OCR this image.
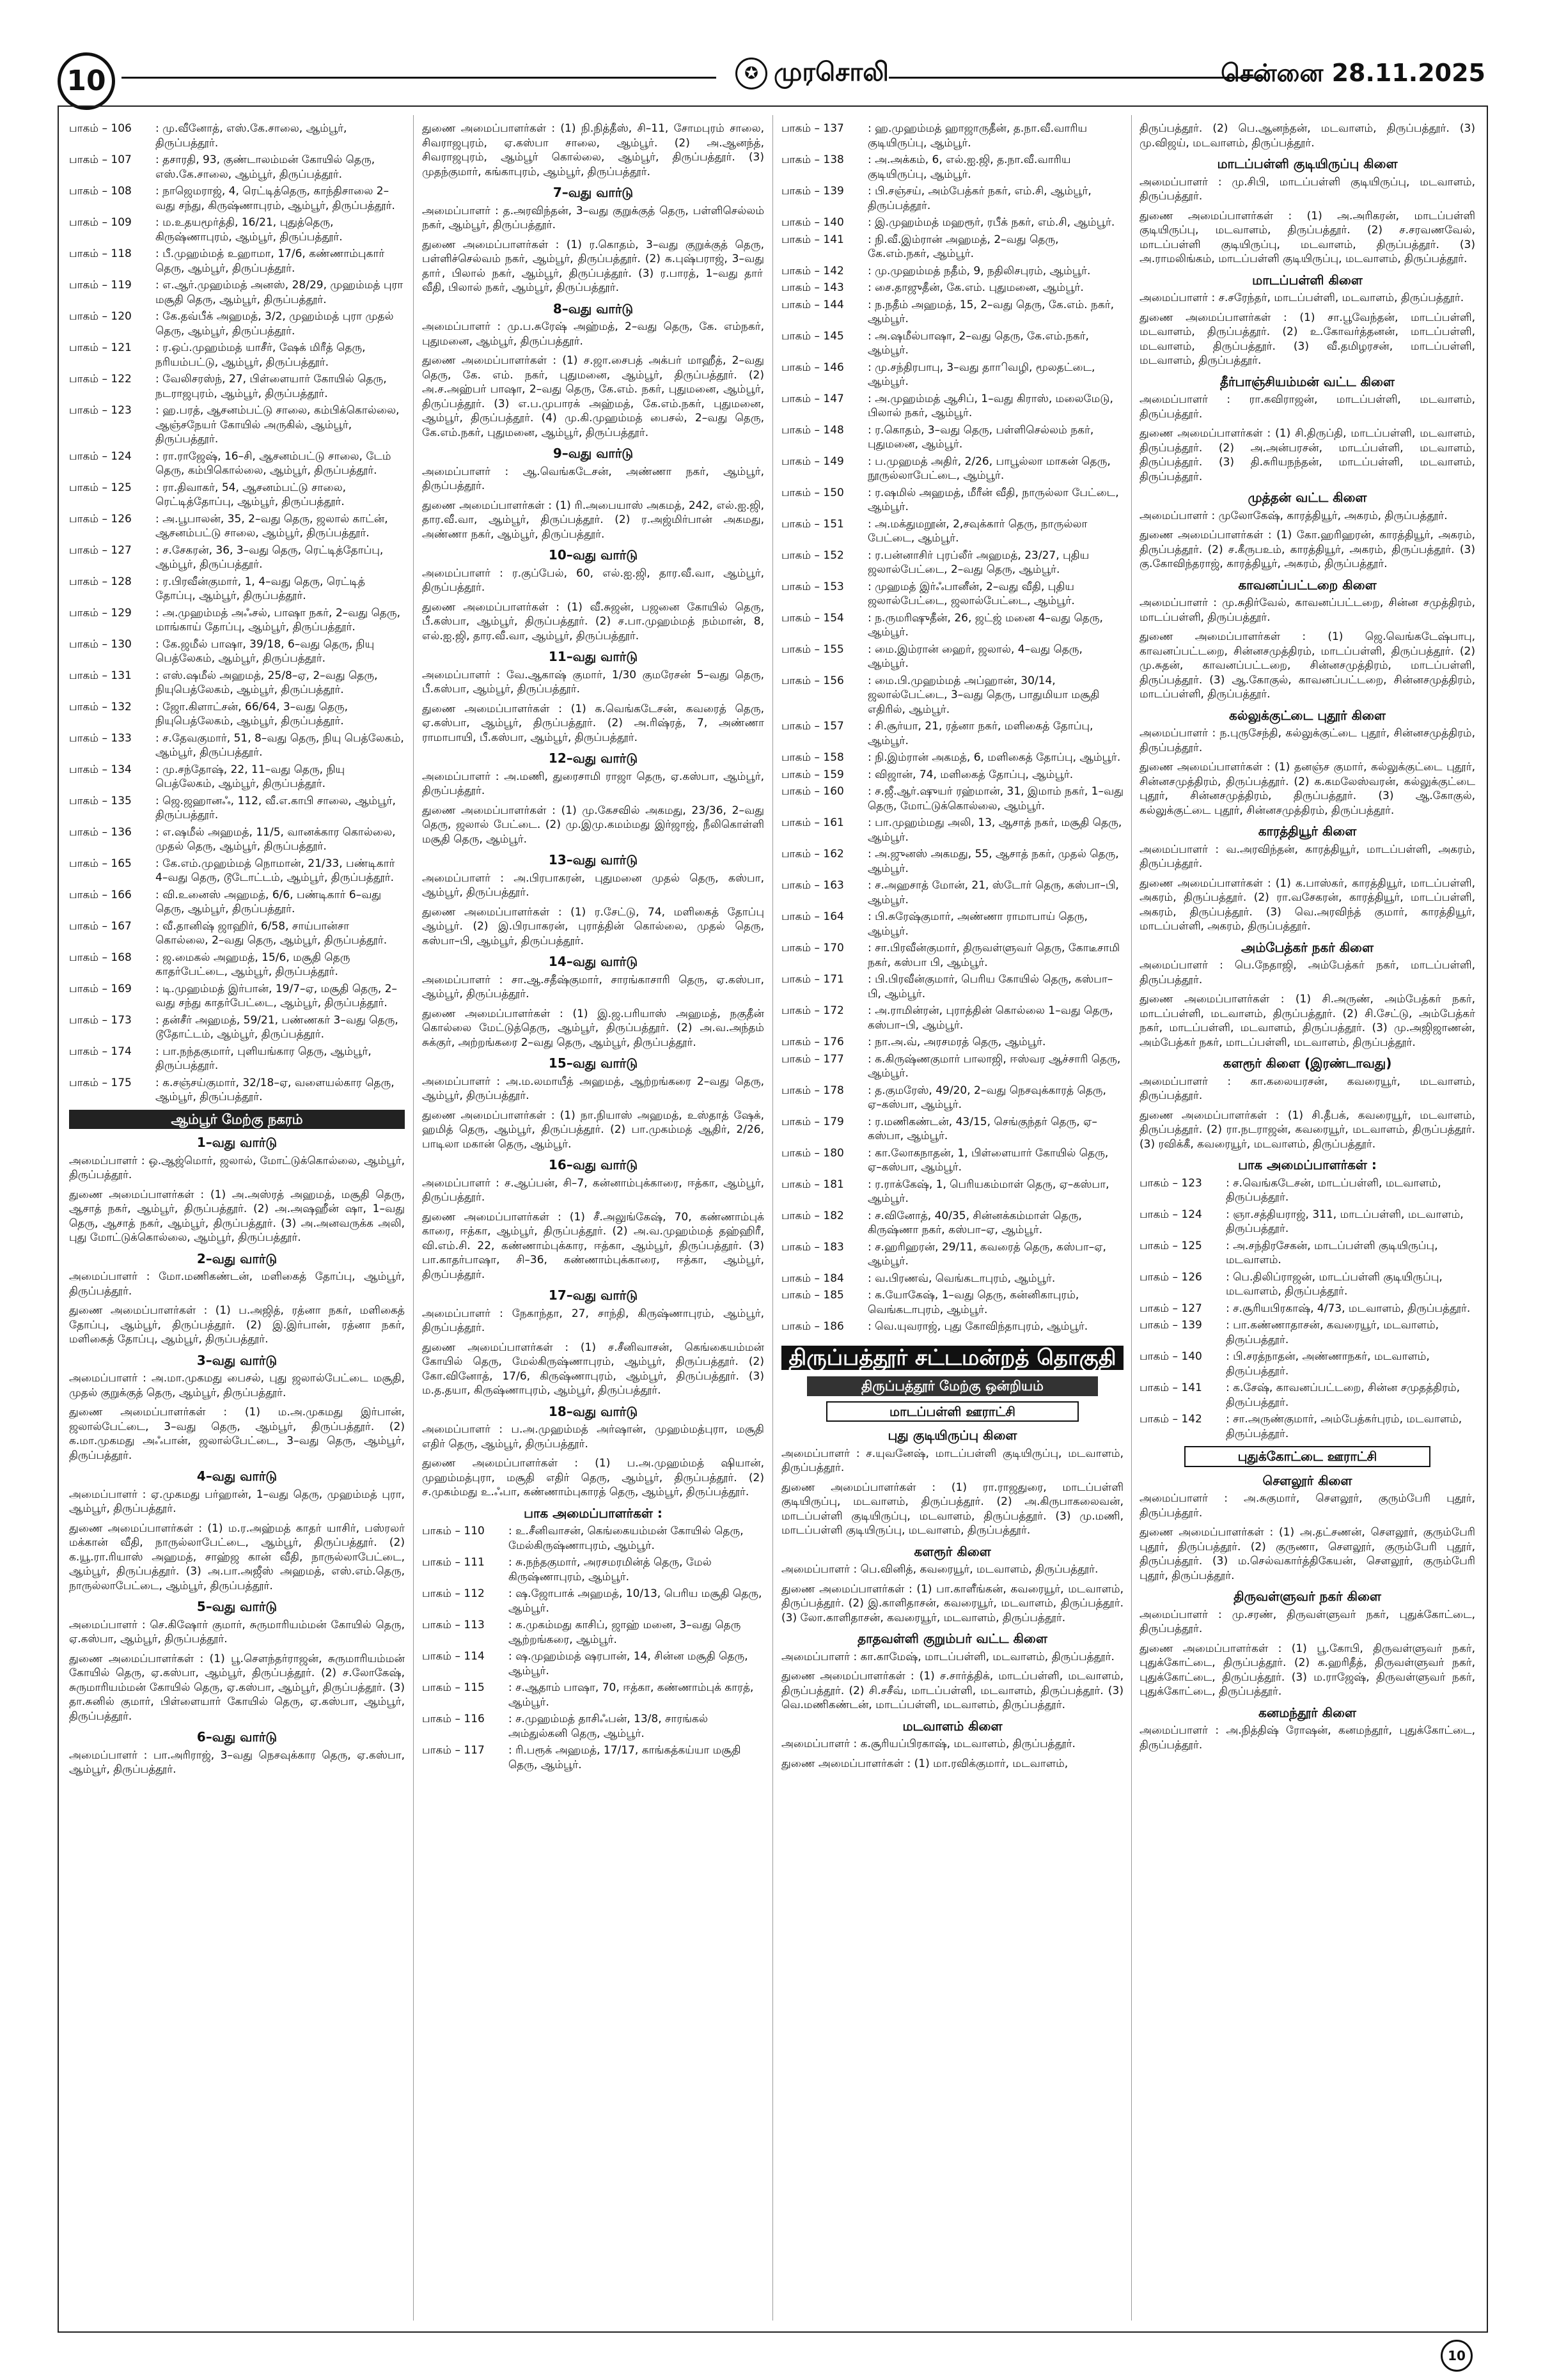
10	✪ முரசொலி	சென்னை 28.11.2025
பாகம் – 106	: மு.வீனோத், எஸ்.கே.சாலை, ஆம்பூர், திருப்பத்தூர்.
பாகம் – 107	: தசாரதி, 93, குண்டாலம்மன் கோயில் தெரு, எஸ்.கே.சாலை, ஆம்பூர், திருப்பத்தூர்.
பாகம் – 108	: நாஜெமராஜ், 4, ரெட்டித்தெரு, காந்திசாலை 2–வது சந்து, கிருஷ்ணாபுரம், ஆம்பூர், திருப்பத்தூர்.
பாகம் – 109	: ம.உதயமூர்த்தி, 16/21, புதுத்தெரு, கிருஷ்ணாபுரம், ஆம்பூர், திருப்பத்தூர்.
பாகம் – 118	: பீ.முஹம்மத் உஹாமா, 17/6, கண்ணாம்புகார் தெரு, ஆம்பூர், திருப்பத்தூர்.
பாகம் – 119	: எ.ஆர்.முஹம்மத் அனஸ், 28/29, முஹம்மத் புரா மசூதி தெரு, ஆம்பூர், திருப்பத்தூர்.
பாகம் – 120	: கே.தவ்பீக் அஹமத், 3/2, முஹம்மத் புரா முதல் தெரு, ஆம்பூர், திருப்பத்தூர்.
பாகம் – 121	: ர.ஒப்.முஹம்மத் யாசீர், ஷேக் மிரீத் தெரு, நரியம்பட்டு, ஆம்பூர், திருப்பத்தூர்.
பாகம் – 122	: வேலிசரஸ்ந், 27, பிள்ளையார் கோயில் தெரு, நடராஜபுரம், ஆம்பூர், திருப்பத்தூர்.
பாகம் – 123	: ஹ.பரத், ஆசனம்பட்டு சாலை, கம்பிக்கொல்லை, ஆஞ்சநேயர் கோயில் அருகில், ஆம்பூர், திருப்பத்தூர்.
பாகம் – 124	: ரா.ராஜேஷ், 16–சி, ஆசனம்பட்டு சாலை, டேம் தெரு, கம்பிகொல்லை, ஆம்பூர், திருப்பத்தூர்.
பாகம் – 125	: ரா.திவாகர், 54, ஆசனம்பட்டு சாலை, ரெட்டித்தோப்பு, ஆம்பூர், திருப்பத்தூர்.
பாகம் – 126	: அ.பூபாலன், 35, 2–வது தெரு, ஜலால் காட்ன், ஆசனம்பட்டு சாலை, ஆம்பூர், திருப்பத்தூர்.
பாகம் – 127	: ச.சேகரன், 36, 3–வது தெரு, ரெட்டித்தோப்பு, ஆம்பூர், திருப்பத்தூர்.
பாகம் – 128	: ர.பிரவீன்குமார், 1, 4–வது தெரு, ரெட்டித் தோப்பு, ஆம்பூர், திருப்பத்தூர்.
பாகம் – 129	: அ.முஹம்மத் அஃசல், பாஷா நகர், 2–வது தெரு, மாங்காய் தோப்பு, ஆம்பூர், திருப்பத்தூர்.
பாகம் – 130	: கே.ஜமீல் பாஷா, 39/18, 6–வது தெரு, நியு பெத்லேகம், ஆம்பூர், திருப்பத்தூர்.
பாகம் – 131	: எஸ்.ஷமீல் அஹமத், 25/8–ஏ, 2–வது தெரு, நியுபெத்லேகம், ஆம்பூர், திருப்பத்தூர்.
பாகம் – 132	: ஜோ.கிளாட்சன், 66/64, 3–வது தெரு, நியுபெத்லேகம், ஆம்பூர், திருப்பத்தூர்.
பாகம் – 133	: ச.தேவகுமார், 51, 8–வது தெரு, நியு பெத்லேகம், ஆம்பூர், திருப்பத்தூர்.
பாகம் – 134	: மு.சந்தோஷ், 22, 11–வது தெரு, நியு பெத்லேகம், ஆம்பூர், திருப்பத்தூர்.
பாகம் – 135	: ஜெ.ஜஹானஃ, 112, வீ.எ.காபி சாலை, ஆம்பூர், திருப்பத்தூர்.
பாகம் – 136	: எ.ஷமீல் அஹமத், 11/5, வானக்கார கொல்லை, முதல் தெரு, ஆம்பூர், திருப்பத்தூர்.
பாகம் – 165	: கே.எம்.முஹம்மத் நொமான், 21/33, பண்டிகார் 4–வது தெரு, டூடோட்டம், ஆம்பூர், திருப்பத்தூர்.
பாகம் – 166	: வி.உனைஸ் அஹமத், 6/6, பண்டிகார் 6–வது தெரு, ஆம்பூர், திருப்பத்தூர்.
பாகம் – 167	: வீ.தானிஷ் ஜாஹிர், 6/58, சாய்பான்சா கொல்லை, 2–வது தெரு, ஆம்பூர், திருப்பத்தூர்.
பாகம் – 168	: ஜ.மைகல் அஹமத், 15/6, மசூதி தெரு காதர்பேட்டை, ஆம்பூர், திருப்பத்தூர்.
பாகம் – 169	: டி.முஹம்மத் இர்பான், 19/7–ஏ, மசூதி தெரு, 2–வது சந்து காதர்பேட்டை, ஆம்பூர், திருப்பத்தூர்.
பாகம் – 173	: தன்சீர் அஹமத், 59/21, பண்ணகர் 3–வது தெரு, டூதோட்டம், ஆம்பூர், திருப்பத்தூர்.
பாகம் – 174	: பா.நந்தகுமார், புளியங்கார தெரு, ஆம்பூர், திருப்பத்தூர்.
பாகம் – 175	: க.சஞ்சய்குமார், 32/18–ஏ, வளையல்கார தெரு, ஆம்பூர், திருப்பத்தூர்.
ஆம்பூர் மேற்கு நகரம்
1–வது வார்டு
அமைப்பாளர் : ஒ.ஆஜ்மொர், ஜலால், மோட்டுக்கொல்லை, ஆம்பூர், திருப்பத்தூர்.
துணை அமைப்பாளர்கள் : (1) அ.அஸ்ரத் அஹமத், மசூதி தெரு, ஆசாத் நகர், ஆம்பூர், திருப்பத்தூர். (2) அ.அஷஹீன் ஷா, 1–வது தெரு, ஆசாத் நகர், ஆம்பூர், திருப்பத்தூர். (3) அ.அனவருக்க அலி, புது மோட்டுக்கொல்லை, ஆம்பூர், திருப்பத்தூர்.
2–வது வார்டு
அமைப்பாளர் : மோ.மணிகண்டன், மளிகைத் தோப்பு, ஆம்பூர், திருப்பத்தூர்.
துணை அமைப்பாளர்கள் : (1) ப.அஜித், ரத்னா நகர், மளிகைத் தோப்பு, ஆம்பூர், திருப்பத்தூர். (2) இ.இர்பான், ரத்னா நகர், மளிகைத் தோப்பு, ஆம்பூர், திருப்பத்தூர்.
3–வது வார்டு
அமைப்பாளர் : அ.மா.முகமது பைசல், புது ஜலால்பேட்டை மசூதி, முதல் குறுக்குத் தெரு, ஆம்பூர், திருப்பத்தூர்.
துணை அமைப்பாளர்கள் : (1) ம.அ.முகமது இர்பான், ஜலால்பேட்டை, 3–வது தெரு, ஆம்பூர், திருப்பத்தூர். (2) க.மா.முகமது அஃபான், ஜலால்பேட்டை, 3–வது தெரு, ஆம்பூர், திருப்பத்தூர்.
4–வது வார்டு
அமைப்பாளர் : ஏ.முகமது பர்ஹான், 1–வது தெரு, முஹம்மத் புரா, ஆம்பூர், திருப்பத்தூர்.
துணை அமைப்பாளர்கள் : (1) ம.ர.அஹ்மத் காதர் யாசிர், பஸ்ரலர் மக்கான் வீதி, நாருல்லாபேட்டை, ஆம்பூர், திருப்பத்தூர். (2) க.யூ.ரா.ரியாஸ் அஹமத், சாஹ்ஜ கான் வீதி, நாருல்லாபேட்டை, ஆம்பூர், திருப்பத்தூர். (3) அ.பா.அஜீஸ் அஹமத், எஸ்.எம்.தெரு, நாருல்லாபேட்டை, ஆம்பூர், திருப்பத்தூர்.
5–வது வார்டு
அமைப்பாளர் : செ.கிஷோர் குமார், சுருமாரியம்மன் கோயில் தெரு, ஏ.கஸ்பா, ஆம்பூர், திருப்பத்தூர்.
துணை அமைப்பாளர்கள் : (1) பூ.சௌந்தர்ராஜன், சுருமாரியம்மன் கோயில் தெரு, ஏ.கஸ்பா, ஆம்பூர், திருப்பத்தூர். (2) ச.லோகேஷ், சுருமாரியம்மன் கோயில் தெரு, ஏ.கஸ்பா, ஆம்பூர், திருப்பத்தூர். (3) தா.சுனில் குமார், பிள்ளையார் கோயில் தெரு, ஏ.கஸ்பா, ஆம்பூர், திருப்பத்தூர்.
6–வது வார்டு
அமைப்பாளர் : பா.அரிராஜ், 3–வது நெசவுக்கார தெரு, ஏ.கஸ்பா, ஆம்பூர், திருப்பத்தூர்.
துணை அமைப்பாளர்கள் : (1) நி.நித்தீஸ், சி–11, சோமபுரம் சாலை, சிவராஜபுரம், ஏ.கஸ்பா சாலை, ஆம்பூர். (2) அ.ஆனந்த், சிவராஜபுரம், ஆம்பூர் கொல்லை, ஆம்பூர், திருப்பத்தூர். (3) முதந்குமார், கங்காபுரம், ஆம்பூர், திருப்பத்தூர்.
7–வது வார்டு
அமைப்பாளர் : த.அரவிந்தன், 3–வது குறுக்குத் தெரு, பள்ளிசெல்லம் நகர், ஆம்பூர், திருப்பத்தூர்.
துணை அமைப்பாளர்கள் : (1) ர.கொதம், 3–வது குறுக்குத் தெரு, பள்ளிச்செல்வம் நகர், ஆம்பூர், திருப்பத்தூர். (2) க.புஷ்பராஜ், 3–வது தாா், பிலால் நகர், ஆம்பூர், திருப்பத்தூர். (3) ர.பாரத், 1–வது தாா் வீதி, பிலால் நகர், ஆம்பூர், திருப்பத்தூர்.
8–வது வார்டு
அமைப்பாளர் : மு.ப.சுரேஷ் அஹ்மத், 2–வது தெரு, கே. எம்நகர், புதுமனை, ஆம்பூர், திருப்பத்தூர்.
துணை அமைப்பாளர்கள் : (1) ச.ஜா.சைபத் அக்பர் மாஹீத், 2–வது தெரு, கே. எம். நகர், புதுமனை, ஆம்பூர், திருப்பத்தூர். (2) அ.ச.அஹ்பர் பாஷா, 2–வது தெரு, கே.எம். நகர், புதுமனை, ஆம்பூர், திருப்பத்தூர். (3) எ.ப.முபாரக் அஹ்மத், கே.எம்.நகர், புதுமனை, ஆம்பூர், திருப்பத்தூர். (4) மு.கி.முஹம்மத் பைசல், 2–வது தெரு, கே.எம்.நகர், புதுமனை, ஆம்பூர், திருப்பத்தூர்.
9–வது வார்டு
அமைப்பாளர் : ஆ.வெங்கடேசன், அண்ணா நகர், ஆம்பூர், திருப்பத்தூர்.
துணை அமைப்பாளர்கள் : (1) ரி.அபையாஸ் அகமத், 242, எல்.ஐ.ஜி, தார.வீ.வா, ஆம்பூர், திருப்பத்தூர். (2) ர.அஜ்மிர்பான் அகமது, அண்ணா நகர், ஆம்பூர், திருப்பத்தூர்.
10–வது வார்டு
அமைப்பாளர் : ர.குப்பேல், 60, எல்.ஐ.ஜி, தார.வீ.வா, ஆம்பூர், திருப்பத்தூர்.
துணை அமைப்பாளர்கள் : (1) வீ.சுஜன், பஜனை கோயில் தெரு, பீ.கஸ்பா, ஆம்பூர், திருப்பத்தூர். (2) ச.பா.முஹம்மத் நம்மான், 8, எல்.ஐ.ஜி, தார.வீ.வா, ஆம்பூர், திருப்பத்தூர்.
11–வது வார்டு
அமைப்பாளர் : வே.ஆகாஷ் குமார், 1/30 குமரேசன் 5–வது தெரு, பீ.கஸ்பா, ஆம்பூர், திருப்பத்தூர்.
துணை அமைப்பாளர்கள் : (1) க.வெங்கடேசன், கவரைத் தெரு, ஏ.கஸ்பா, ஆம்பூர், திருப்பத்தூர். (2) அ.ரிஷ்ரத், 7, அண்ணா ராமாபாயி, பீ.கஸ்பா, ஆம்பூர், திருப்பத்தூர்.
12–வது வார்டு
அமைப்பாளர் : அ.மணி, துரைசாமி ராஜா தெரு, ஏ.கஸ்பா, ஆம்பூர், திருப்பத்தூர்.
துணை அமைப்பாளர்கள் : (1) மு.கேசவில் அகமது, 23/36, 2–வது தெரு, ஜலால் பேட்டை. (2) மு.இமு.கமம்மது இர்ஜாஜ், நீலிகொள்ளி மசூதி தெரு, ஆம்பூர்.
13–வது வார்டு
அமைப்பாளர் : அ.பிரபாகரன், புதுமனை முதல் தெரு, கஸ்பா, ஆம்பூர், திருப்பத்தூர்.
துணை அமைப்பாளர்கள் : (1) ர.சேட்டு, 74, மளிகைத் தோப்பு ஆம்பூர். (2) இ.பிரபாகரன், புராத்தின் கொல்லை, முதல் தெரு, கஸ்பா–பி, ஆம்பூர், திருப்பத்தூர்.
14–வது வார்டு
அமைப்பாளர் : சா.ஆ.சதீஷ்குமார், சாரங்காசாரி தெரு, ஏ.கஸ்பா, ஆம்பூர், திருப்பத்தூர்.
துணை அமைப்பாளர்கள் : (1) இ.ஜ.பரியாஸ் அஹமத், நகுதீன் கொல்லை மேட்டுத்தெரு, ஆம்பூர், திருப்பத்தூர். (2) அ.வ.அந்தம் சுக்குர், அற்றங்கரை 2–வது தெரு, ஆம்பூர், திருப்பத்தூர்.
15–வது வார்டு
அமைப்பாளர் : அ.ம.லமாயீத் அஹமத், ஆற்றங்கரை 2–வது தெரு, ஆம்பூர், திருப்பத்தூர்.
துணை அமைப்பாளர்கள் : (1) நா.நியாஸ் அஹமத், உஸ்தாத் ஷேக், ஹமித் தெரு, ஆம்பூர், திருப்பத்தூர். (2) பா.முகம்மத் ஆதிர், 2/26, பாடிலா மகான் தெரு, ஆம்பூர்.
16–வது வார்டு
அமைப்பாளர் : ச.ஆப்பன், சி–7, கன்னாம்புக்காரை, ஈத்கா, ஆம்பூர், திருப்பத்தூர்.
துணை அமைப்பாளர்கள் : (1) சீ.அலுங்கேஷ், 70, கண்ணாம்புக் காரை, ஈத்கா, ஆம்பூர், திருப்பத்தூர். (2) அ.வ.முஹம்மத் தஹ்ஹிரீ, வி.எம்.சி. 22, கண்ணாம்புக்கார, ஈத்கா, ஆம்பூர், திருப்பத்தூர். (3) பா.காதர்பாஷா, சி–36, கண்ணாம்புக்காரை, ஈத்கா, ஆம்பூர், திருப்பத்தூர்.
17–வது வார்டு
அமைப்பாளர் : நேகாந்தா, 27, சாந்தி, கிருஷ்ணாபுரம், ஆம்பூர், திருப்பத்தூர்.
துணை அமைப்பாளர்கள் : (1) ச.சீனிவாசன், கெங்கையம்மன் கோயில் தெரு, மேல்கிருஷ்ணாபுரம், ஆம்பூர், திருப்பத்தூர். (2) கோ.வினோத், 17/6, கிருஷ்ணாபுரம், ஆம்பூர், திருப்பத்தூர். (3) ம.த.தயா, கிருஷ்ணாபுரம், ஆம்பூர், திருப்பத்தூர்.
18–வது வார்டு
அமைப்பாளர் : ப.அ.முஹம்மத் அர்ஷான், முஹம்மத்புரா, மசூதி எதிர் தெரு, ஆம்பூர், திருப்பத்தூர்.
துணை அமைப்பாளர்கள் : (1) ப.அ.முஹம்மத் ஷியான், முஹம்மத்புரா, மசூதி எதிர் தெரு, ஆம்பூர், திருப்பத்தூர். (2) ச.முகம்மது உ.ஃபா, கண்ணாம்புகாரத் தெரு, ஆம்பூர், திருப்பத்தூர்.
பாக அமைப்பாளர்கள் :
பாகம் – 110	: உ.சீனிவாசன், கெங்கையம்மன் கோயில் தெரு, மேல்கிருஷ்ணாபுரம், ஆம்பூர்.
பாகம் – 111	: சு.நந்தகுமார், அரசமரமின்த் தெரு, மேல் கிருஷ்ணாபுரம், ஆம்பூர்.
பாகம் – 112	: ஷ.ஜோபாக் அஹமத், 10/13, பெரிய மசூதி தெரு, ஆம்பூர்.
பாகம் – 113	: க.முகம்மது காசிப், ஜாஹ் மனை, 3–வது தெரு ஆற்றங்கரை, ஆம்பூர்.
பாகம் – 114	: ஷ.முஹம்மத் ஷரபான், 14, சின்ன மசூதி தெரு, ஆம்பூர்.
பாகம் – 115	: ச.ஆதாம் பாஷா, 70, ஈத்கா, கண்ணாம்புக் காரத், ஆம்பூர்.
பாகம் – 116	: ச.முஹம்மத் தாசிஃபன், 13/8, சாரங்கல் அம்துல்கனி தெரு, ஆம்பூர்.
பாகம் – 117	: ரி.பரூக் அஹமத், 17/17, காங்கத்கய்யா மசூதி தெரு, ஆம்பூர்.
பாகம் – 137	: ஹ.முஹம்மத் ஹாஜாருதீன், த.நா.வீ.வாரிய குடியிருப்பு, ஆம்பூர்.
பாகம் – 138	: அ.அக்கம், 6, எல்.ஐ.ஜி, த.நா.வீ.வாரிய குடியிருப்பு, ஆம்பூர்.
பாகம் – 139	: பி.சஞ்சய், அம்பேத்கர் நகர், எம்.சி, ஆம்பூர், திருப்பத்தூர்.
பாகம் – 140	: இ.முஹம்மத் மஹரூர், ரபீக் நகர், எம்.சி, ஆம்பூர்.
பாகம் – 141	: நி.வீ.இம்ரான் அஹமத், 2–வது தெரு, கே.எம்.நகர், ஆம்பூர்.
பாகம் – 142	: மு.முஹம்மத் நதீம், 9, நதிலிசபுரம், ஆம்பூர்.
பாகம் – 143	: சை.தாஜுதீன், கே.எம். புதுமனை, ஆம்பூர்.
பாகம் – 144	: ந.நதீம் அஹமத், 15, 2–வது தெரு, கே.எம். நகர், ஆம்பூர்.
பாகம் – 145	: அ.ஷமீல்பாஷா, 2–வது தெரு, கே.எம்.நகர், ஆம்பூர்.
பாகம் – 146	: மு.சந்திரபாபு, 3–வது தாாிவழி, மூலதட்டை, ஆம்பூர்.
பாகம் – 147	: அ.முஹம்மத் ஆசிப், 1–வது கிராஸ், மலைமேடு, பிலால் நகர், ஆம்பூர்.
பாகம் – 148	: ர.கொதம், 3–வது தெரு, பள்ளிசெல்லம் நகர், புதுமனை, ஆம்பூர்.
பாகம் – 149	: ப.முஹமத் அதிர், 2/26, பாபூல்லா மாகன் தெரு, நூருல்லாபேட்டை, ஆம்பூர்.
பாகம் – 150	: ர.ஷமில் அஹமத், மீரீன் வீதி, நாருல்லா பேட்டை, ஆம்பூர்.
பாகம் – 151	: அ.மக்துமறூன், 2,சவுக்கார் தெரு, நாருல்லா பேட்டை, ஆம்பூர்.
பாகம் – 152	: ர.பன்னாசிர் புரப்லீர் அஹமத், 23/27, புதிய ஜலால்பேட்டை, 2–வது தெரு, ஆம்பூர்.
பாகம் – 153	: முஹமத் இர்ஃபானீன், 2–வது வீதி, புதிய ஜலால்பேட்டை, ஜலால்பேட்டை, ஆம்பூர்.
பாகம் – 154	: ந.ருமரிஷுதீன், 26, ஜட்ஜ் மனை 4–வது தெரு, ஆம்பூர்.
பாகம் – 155	: மை.இம்ரான் ஹைர், ஜலால், 4–வது தெரு, ஆம்பூர்.
பாகம் – 156	: மை.பி.முஹம்மத் அப்ஹான், 30/14, ஜலால்பேட்டை, 3–வது தெரு, பாதுமியா மசூதி எதிரில், ஆம்பூர்.
பாகம் – 157	: சி.சூர்யா, 21, ரத்னா நகர், மளிகைத் தோப்பு, ஆம்பூர்.
பாகம் – 158	: நி.இம்ரான் அகமத், 6, மளிகைத் தோப்பு, ஆம்பூர்.
பாகம் – 159	: விஜான், 74, மளிகைத் தோப்பு, ஆம்பூர்.
பாகம் – 160	: ச.ஜீ.ஆர்.ஷுயர் ரஹ்மான், 31, இமாம் நகர், 1–வது தெரு, மோட்டுக்கொல்லை, ஆம்பூர்.
பாகம் – 161	: பா.முஹம்மது அலி, 13, ஆசாத் நகர், மசூதி தெரு, ஆம்பூர்.
பாகம் – 162	: அ.ஜுனஸ் அகமது, 55, ஆசாத் நகர், முதல் தெரு, ஆம்பூர்.
பாகம் – 163	: ச.அஹசாத் மோன், 21, ஸ்டோர் தெரு, கஸ்பா–பி, ஆம்பூர்.
பாகம் – 164	: பி.சுரேஷ்குமார், அண்ணா ராமாபாய் தெரு, ஆம்பூர்.
பாகம் – 170	: சா.பிரவீன்குமார், திருவள்ளுவர் தெரு, கோடீசாமி நகர், கஸ்பா பி, ஆம்பூர்.
பாகம் – 171	: பி.பிரவீன்குமார், பெரிய கோயில் தெரு, கஸ்பா–பி, ஆம்பூர்.
பாகம் – 172	: அ.ராமின்ரன், புராத்தின் கொல்லை 1–வது தெரு, கஸ்பா–பி, ஆம்பூர்.
பாகம் – 176	: நா.அ.வ், அரசமரத் தெரு, ஆம்பூர்.
பாகம் – 177	: க.கிருஷ்ணகுமார் பாலாஜி, ஈஸ்வர ஆச்சாரி தெரு, ஆம்பூர்.
பாகம் – 178	: த.குமரேஸ், 49/20, 2–வது நெசவுக்காரத் தெரு, ஏ–கஸ்பா, ஆம்பூர்.
பாகம் – 179	: ர.மணிகண்டன், 43/15, செங்குந்தர் தெரு, ஏ–கஸ்பா, ஆம்பூர்.
பாகம் – 180	: கா.லோகநாதன், 1, பிள்ளையார் கோயில் தெரு, ஏ–கஸ்பா, ஆம்பூர்.
பாகம் – 181	: ர.ராக்கேஷ், 1, பெரியகம்மாள் தெரு, ஏ–கஸ்பா, ஆம்பூர்.
பாகம் – 182	: ச.வினோத், 40/35, சின்னக்கம்மாள் தெரு, கிருஷ்ணா நகர், கஸ்பா–ஏ, ஆம்பூர்.
பாகம் – 183	: ச.ஹரிஹரன், 29/11, கவரைத் தெரு, கஸ்பா–ஏ, ஆம்பூர்.
பாகம் – 184	: வ.பிரணவ், வெங்கடாபுரம், ஆம்பூர்.
பாகம் – 185	: க.யோகேஷ், 1–வது தெரு, கன்னிகாபுரம், வெங்கடாபுரம், ஆம்பூர்.
பாகம் – 186	: வெ.யுவராஜ், புது கோவிந்தாபுரம், ஆம்பூர்.
திருப்பத்தூர் சட்டமன்றத் தொகுதி
திருப்பத்தூர் மேற்கு ஒன்றியம்
மாடப்பள்ளி ஊராட்சி
புது குடியிருப்பு கிளை
அமைப்பாளர் : ச.யுவனேஷ், மாடப்பள்ளி குடியிருப்பு, மடவாளம், திருப்பத்தூர்.
துணை அமைப்பாளர்கள் : (1) ரா.ராஜதுரை, மாடப்பள்ளி குடியிருப்பு, மடவாளம், திருப்பத்தூர். (2) அ.கிருபாகலைவன், மாடப்பள்ளி குடியிருப்பு, மடவாளம், திருப்பத்தூர். (3) மு.மணி, மாடப்பள்ளி குடியிருப்பு, மடவாளம், திருப்பத்தூர்.
களரூர் கிளை
அமைப்பாளர் : பெ.வினித், கவரையூர், மடவாளம், திருப்பத்தூர்.
துணை அமைப்பாளர்கள் : (1) பா.காளீங்கன், கவரையூர், மடவாளம், திருப்பத்தூர். (2) இ.காளிதாசன், கவரையூர், மடவாளம், திருப்பத்தூர். (3) லோ.காளிதாசன், கவரையூர், மடவாளம், திருப்பத்தூர்.
தாதவள்ளி குறும்பர் வட்ட கிளை
அமைப்பாளர் : கா.காமேஷ், மாடப்பள்ளி, மடவாளம், திருப்பத்தூர்.
துணை அமைப்பாளர்கள் : (1) ச.சார்த்திக், மாடப்பள்ளி, மடவாளம், திருப்பத்தூர். (2) சி.சசீவ், மாடப்பள்ளி, மடவாளம், திருப்பத்தூர். (3) வெ.மணிகண்டன், மாடப்பள்ளி, மடவாளம், திருப்பத்தூர்.
மடவாளம் கிளை
அமைப்பாளர் : க.சூரியப்பிரகாஷ், மடவாளம், திருப்பத்தூர்.
துணை அமைப்பாளர்கள் : (1) மா.ரவிக்குமார், மடவாளம்,
திருப்பத்தூர். (2) பெ.ஆனந்தன், மடவாளம், திருப்பத்தூர். (3) மு.விஜய், மடவாளம், திருப்பத்தூர்.
மாடப்பள்ளி குடியிருப்பு கிளை
அமைப்பாளர் : மு.சிபி, மாடப்பள்ளி குடியிருப்பு, மடவாளம், திருப்பத்தூர்.
துணை அமைப்பாளர்கள் : (1) அ.அரிகரன், மாடப்பள்ளி குடியிருப்பு, மடவாளம், திருப்பத்தூர். (2) ச.சரவணவேல், மாடப்பள்ளி குடியிருப்பு, மடவாளம், திருப்பத்தூர். (3) அ.ராமலிங்கம், மாடப்பள்ளி குடியிருப்பு, மடவாளம், திருப்பத்தூர்.
மாடப்பள்ளி கிளை
அமைப்பாளர் : ச.சரேந்தர், மாடப்பள்ளி, மடவாளம், திருப்பத்தூர்.
துணை அமைப்பாளர்கள் : (1) சா.பூவேந்தன், மாடப்பள்ளி, மடவாளம், திருப்பத்தூர். (2) உ.கோவர்த்தனன், மாடப்பள்ளி, மடவாளம், திருப்பத்தூர். (3) வீ.தமிழரசன், மாடப்பள்ளி, மடவாளம், திருப்பத்தூர்.
தீர்பாஞ்சியம்மன் வட்ட கிளை
அமைப்பாளர் : ரா.கவிராஜன், மாடப்பள்ளி, மடவாளம், திருப்பத்தூர்.
துணை அமைப்பாளர்கள் : (1) சி.திருப்தி, மாடப்பள்ளி, மடவாளம், திருப்பத்தூர். (2) அ.அன்பரசன், மாடப்பள்ளி, மடவாளம், திருப்பத்தூர். (3) தி.சுரியநந்தன், மாடப்பள்ளி, மடவாளம், திருப்பத்தூர்.
முத்தன் வட்ட கிளை
அமைப்பாளர் : முலோகேஷ், காரத்தியூர், அகரம், திருப்பத்தூர்.
துணை அமைப்பாளர்கள் : (1) கோ.ஹரிஹரன், காரத்தியூர், அகரம், திருப்பத்தூர். (2) ச.கீருபஉம், காரத்தியூர், அகரம், திருப்பத்தூர். (3) கு.கோவிந்தராஜ், காரத்தியூர், அகரம், திருப்பத்தூர்.
காவனப்பட்டறை கிளை
அமைப்பாளர் : மு.சுதிர்வேல், காவனப்பட்டறை, சின்ன சமுத்திரம், மாடப்பள்ளி, திருப்பத்தூர்.
துணை அமைப்பாளர்கள் : (1) ஜெ.வெங்கடேஷ்பாபு, காவனப்பட்டறை, சின்னசமுத்திரம், மாடப்பள்ளி, திருப்பத்தூர். (2) மு.சுதன், காவனப்பட்டறை, சின்னசமுத்திரம், மாடப்பள்ளி, திருப்பத்தூர். (3) ஆ.கோகுல், காவனப்பட்டறை, சின்னசமுத்திரம், மாடப்பள்ளி, திருப்பத்தூர்.
கல்லுக்குட்டை புதூர் கிளை
அமைப்பாளர் : ந.புருசேந்தி, கல்லுக்குட்டை புதூர், சின்னசமுத்திரம், திருப்பத்தூர்.
துணை அமைப்பாளர்கள் : (1) தனஞ்ச குமார், கல்லுக்குட்டை புதூர், சின்னசமுத்திரம், திருப்பத்தூர். (2) க.கமலேஸ்வரன், கல்லுக்குட்டை புதூர், சின்னசமுத்திரம், திருப்பத்தூர். (3) ஆ.கோகுல், கல்லுக்குட்டை புதூர், சின்னசமுத்திரம், திருப்பத்தூர்.
காரத்தியூர் கிளை
அமைப்பாளர் : வ.அரவிந்தன், காரத்தியூர், மாடப்பள்ளி, அகரம், திருப்பத்தூர்.
துணை அமைப்பாளர்கள் : (1) க.பாஸ்கர், காரத்தியூர், மாடப்பள்ளி, அகரம், திருப்பத்தூர். (2) ரா.வசேகரன், காரத்தியூர், மாடப்பள்ளி, அகரம், திருப்பத்தூர். (3) வெ.அரவிந்த் குமார், காரத்தியூர், மாடப்பள்ளி, அகரம், திருப்பத்தூர்.
அம்பேத்கர் நகர் கிளை
அமைப்பாளர் : பெ.நேதாஜி, அம்பேத்கர் நகர், மாடப்பள்ளி, திருப்பத்தூர்.
துணை அமைப்பாளர்கள் : (1) சி.அருண், அம்பேத்கர் நகர், மாடப்பள்ளி, மடவாளம், திருப்பத்தூர். (2) சி.சேட்டு, அம்பேத்கர் நகர், மாடப்பள்ளி, மடவாளம், திருப்பத்தூர். (3) மு.அஜிஜாணன், அம்பேத்கர் நகர், மாடப்பள்ளி, மடவாளம், திருப்பத்தூர்.
களரூர் கிளை (இரண்டாவது)
அமைப்பாளர் : கா.கலையரசன், கவரையூர், மடவாளம், திருப்பத்தூர்.
துணை அமைப்பாளர்கள் : (1) சி.தீபக், கவரையூர், மடவாளம், திருப்பத்தூர். (2) ரா.நடராஜன், கவரையூர், மடவாளம், திருப்பத்தூர். (3) ரவிக்கீ, கவரையூர், மடவாளம், திருப்பத்தூர்.
பாக அமைப்பாளர்கள் :
பாகம் – 123	: ச.வெங்கடேசன், மாடப்பள்ளி, மடவாளம், திருப்பத்தூர்.
பாகம் – 124	: ஞா.சத்தியராஜ், 311, மாடப்பள்ளி, மடவாளம், திருப்பத்தூர்.
பாகம் – 125	: அ.சந்திரசேகன், மாடப்பள்ளி குடியிருப்பு, மடவாளம்.
பாகம் – 126	: பெ.திலிப்ராஜன், மாடப்பள்ளி குடியிருப்பு, மடவாளம், திருப்பத்தூர்.
பாகம் – 127	: ச.சூரியபிரகாஷ், 4/73, மடவாளம், திருப்பத்தூர்.
பாகம் – 139	: பா.கண்ணாதாசன், கவரையூர், மடவாளம், திருப்பத்தூர்.
பாகம் – 140	: பி.சரத்நாதன், அண்ணாநகர், மடவாளம், திருப்பத்தூர்.
பாகம் – 141	: க.சேஷ், காவனப்பட்டறை, சின்ன சமுதத்திரம், திருப்பத்தூர்.
பாகம் – 142	: சா.அருண்குமார், அம்பேத்கர்புரம், மடவாளம், திருப்பத்தூர்.
புதுக்கோட்டை ஊராட்சி
சௌலூர் கிளை
அமைப்பாளர் : அ.சுகுமார், சௌலூர், குரும்பேரி புதூர், திருப்பத்தூர்.
துணை அமைப்பாளர்கள் : (1) அ.தட்சணன், சௌலூர், குரும்பேரி புதூர், திருப்பத்தூர். (2) குருணா, சௌலூர், குரும்பேரி புதூர், திருப்பத்தூர். (3) ம.செல்வகார்த்திகேயன், சௌலூர், குரும்பேரி புதூர், திருப்பத்தூர்.
திருவள்ளுவர் நகர் கிளை
அமைப்பாளர் : மு.சரண், திருவள்ளுவர் நகர், புதுக்கோட்டை, திருப்பத்தூர்.
துணை அமைப்பாளர்கள் : (1) பூ.கோபி, திருவள்ளுவர் நகர், புதுக்கோட்டை, திருப்பத்தூர். (2) க.ஹரிதீத், திருவள்ளுவர் நகர், புதுக்கோட்டை, திருப்பத்தூர். (3) ம.ராஜேஷ், திருவள்ளுவர் நகர், புதுக்கோட்டை, திருப்பத்தூர்.
கனமந்தூர் கிளை
அமைப்பாளர் : அ.நித்திஷ் ரோஷன், கனமந்தூர், புதுக்கோட்டை, திருப்பத்தூர்.
10
